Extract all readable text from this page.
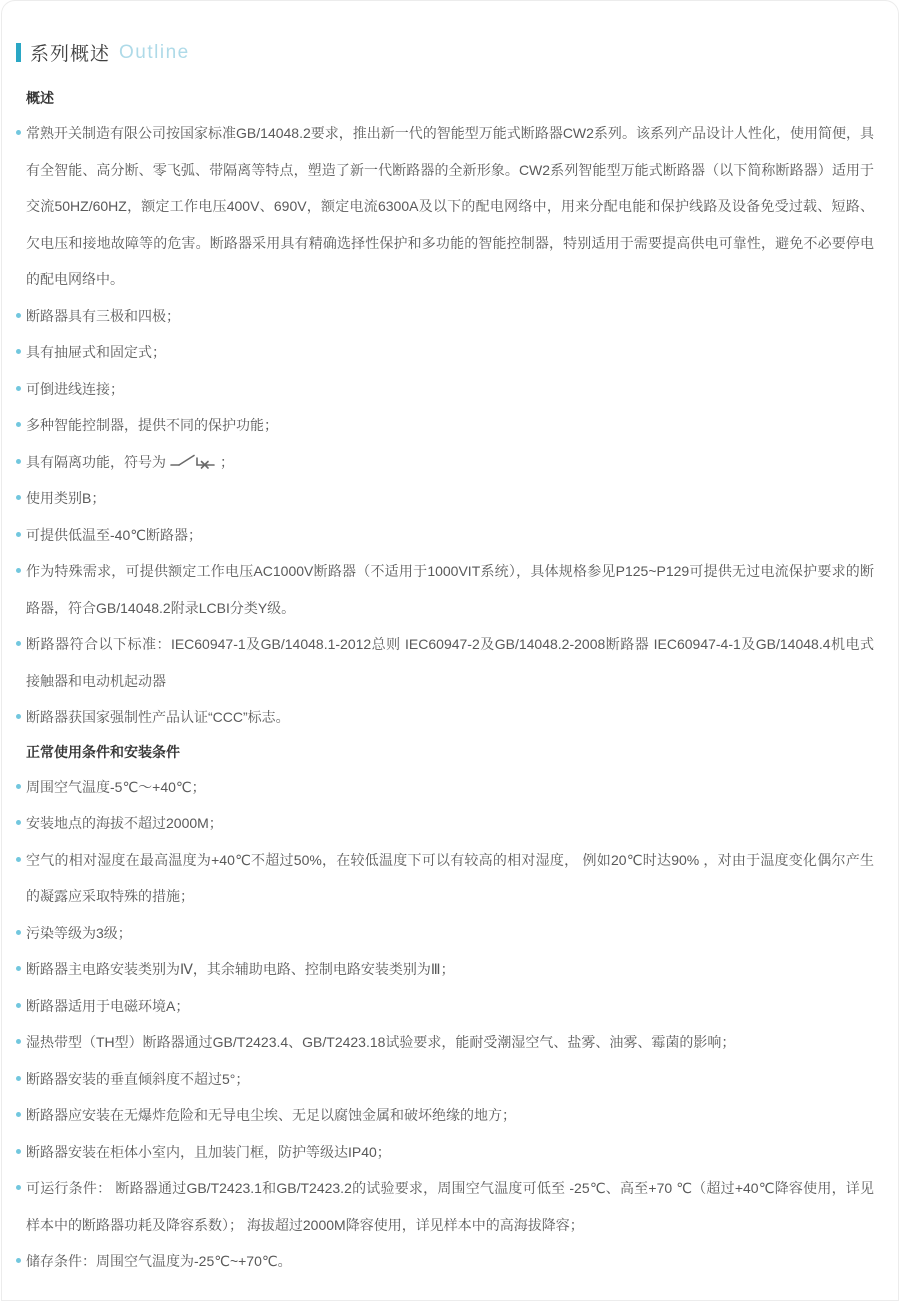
系列概述 Outline
概述
常熟开关制造有限公司按国家标准GB/14048.2要求，推出新一代的智能型万能式断路器CW2系列。该系列产品设计人性化，使用简便，具有全智能、高分断、零飞弧、带隔离等特点，塑造了新一代断路器的全新形象。CW2系列智能型万能式断路器（以下简称断路器）适用于交流50HZ/60HZ，额定工作电压400V、690V，额定电流6300A及以下的配电网络中，用来分配电能和保护线路及设备免受过载、短路、欠电压和接地故障等的危害。断路器采用具有精确选择性保护和多功能的智能控制器，特别适用于需要提高供电可靠性，避免不必要停电的配电网络中。
断路器具有三极和四极；
具有抽屉式和固定式；
可倒进线连接；
多种智能控制器，提供不同的保护功能；
具有隔离功能，符号为	；
使用类别B；
可提供低温至-40℃断路器；
作为特殊需求，可提供额定工作电压AC1000V断路器（不适用于1000VIT系统），具体规格参见P125~P129可提供无过电流保护要求的断路器，符合GB/14048.2附录LCBI分类Y级。
断路器符合以下标准：IEC60947-1及GB/14048.1-2012总则 IEC60947-2及GB/14048.2-2008断路器 IEC60947-4-1及GB/14048.4机电式接触器和电动机起动器
断路器获国家强制性产品认证“CCC”标志。
正常使用条件和安装条件
周围空气温度-5℃～+40℃；
安装地点的海拔不超过2000M；
空气的相对湿度在最高温度为+40℃不超过50%，在较低温度下可以有较高的相对湿度， 例如20℃时达90% ，对由于温度变化偶尔产生的凝露应采取特殊的措施；
污染等级为3级；
断路器主电路安装类别为Ⅳ，其余辅助电路、控制电路安装类别为Ⅲ；
断路器适用于电磁环境A；
湿热带型（TH型）断路器通过GB/T2423.4、GB/T2423.18试验要求，能耐受潮湿空气、盐雾、油雾、霉菌的影响；
断路器安装的垂直倾斜度不超过5°；
断路器应安装在无爆炸危险和无导电尘埃、无足以腐蚀金属和破坏绝缘的地方；
断路器安装在柜体小室内，且加装门框，防护等级达IP40；
可运行条件： 断路器通过GB/T2423.1和GB/T2423.2的试验要求，周围空气温度可低至 -25℃、高至+70 ℃（超过+40℃降容使用，详见样本中的断路器功耗及降容系数）； 海拔超过2000M降容使用，详见样本中的高海拔降容；
储存条件：周围空气温度为-25℃~+70℃。
